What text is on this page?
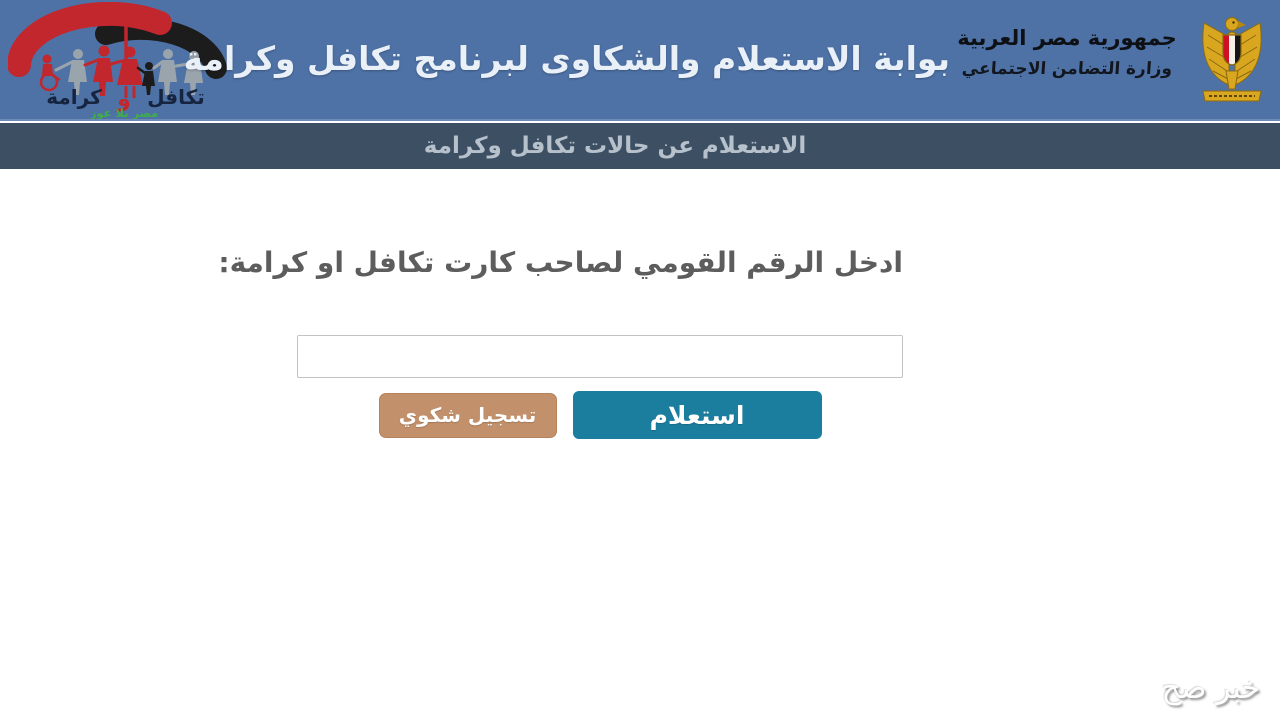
تكافل
و
كرامة
مصر بلا عوز
بوابة الاستعلام والشكاوى لبرنامج تكافل وكرامة
جمهورية مصر العربية
وزارة التضامن الاجتماعي
الاستعلام عن حالات تكافل وكرامة
ادخل الرقم القومي لصاحب كارت تكافل او كرامة:
تسجيل شكوي	استعلام
خبر صح
